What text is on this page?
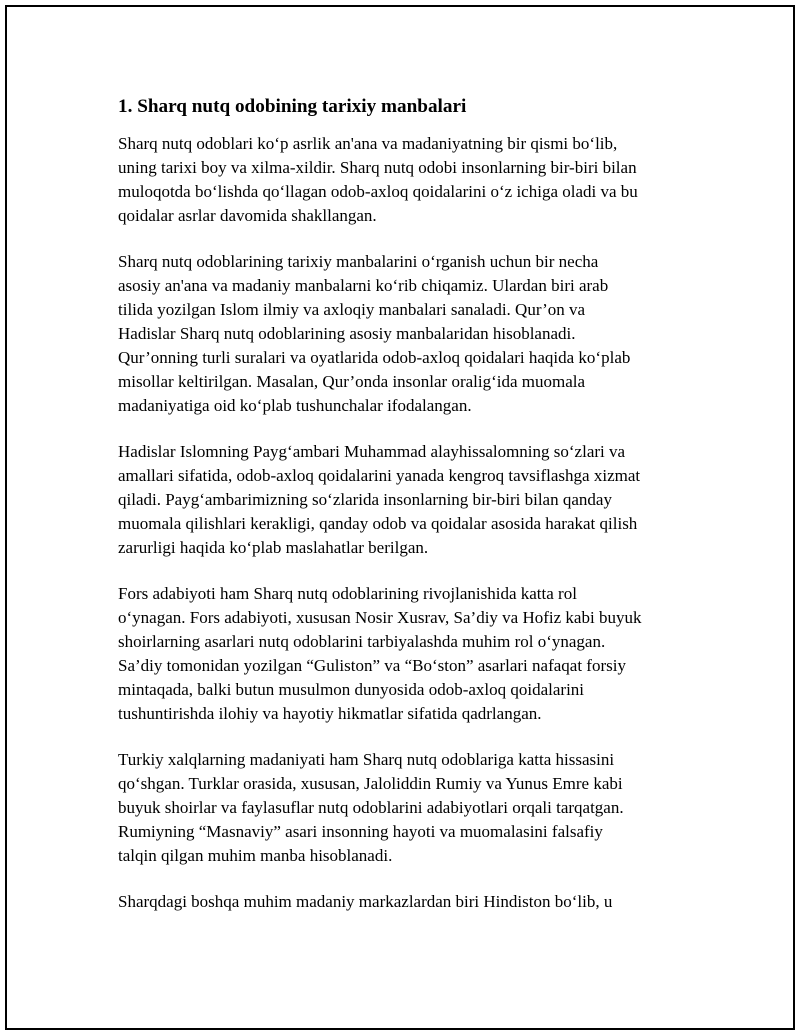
1. Sharq nutq odobining tarixiy manbalari
Sharq nutq odoblari ko‘p asrlik an'ana va madaniyatning bir qismi bo‘lib,
uning tarixi boy va xilma-xildir. Sharq nutq odobi insonlarning bir-biri bilan
muloqotda bo‘lishda qo‘llagan odob-axloq qoidalarini o‘z ichiga oladi va bu
qoidalar asrlar davomida shakllangan.
Sharq nutq odoblarining tarixiy manbalarini o‘rganish uchun bir necha
asosiy an'ana va madaniy manbalarni ko‘rib chiqamiz. Ulardan biri arab
tilida yozilgan Islom ilmiy va axloqiy manbalari sanaladi. Qur’on va
Hadislar Sharq nutq odoblarining asosiy manbalaridan hisoblanadi.
Qur’onning turli suralari va oyatlarida odob-axloq qoidalari haqida ko‘plab
misollar keltirilgan. Masalan, Qur’onda insonlar oralig‘ida muomala
madaniyatiga oid ko‘plab tushunchalar ifodalangan.
Hadislar Islomning Payg‘ambari Muhammad alayhissalomning so‘zlari va
amallari sifatida, odob-axloq qoidalarini yanada kengroq tavsiflashga xizmat
qiladi. Payg‘ambarimizning so‘zlarida insonlarning bir-biri bilan qanday
muomala qilishlari kerakligi, qanday odob va qoidalar asosida harakat qilish
zarurligi haqida ko‘plab maslahatlar berilgan.
Fors adabiyoti ham Sharq nutq odoblarining rivojlanishida katta rol
o‘ynagan. Fors adabiyoti, xususan Nosir Xusrav, Sa’diy va Hofiz kabi buyuk
shoirlarning asarlari nutq odoblarini tarbiyalashda muhim rol o‘ynagan.
Sa’diy tomonidan yozilgan “Guliston” va “Bo‘ston” asarlari nafaqat forsiy
mintaqada, balki butun musulmon dunyosida odob-axloq qoidalarini
tushuntirishda ilohiy va hayotiy hikmatlar sifatida qadrlangan.
Turkiy xalqlarning madaniyati ham Sharq nutq odoblariga katta hissasini
qo‘shgan. Turklar orasida, xususan, Jaloliddin Rumiy va Yunus Emre kabi
buyuk shoirlar va faylasuflar nutq odoblarini adabiyotlari orqali tarqatgan.
Rumiyning “Masnaviy” asari insonning hayoti va muomalasini falsafiy
talqin qilgan muhim manba hisoblanadi.
Sharqdagi boshqa muhim madaniy markazlardan biri Hindiston bo‘lib, u
